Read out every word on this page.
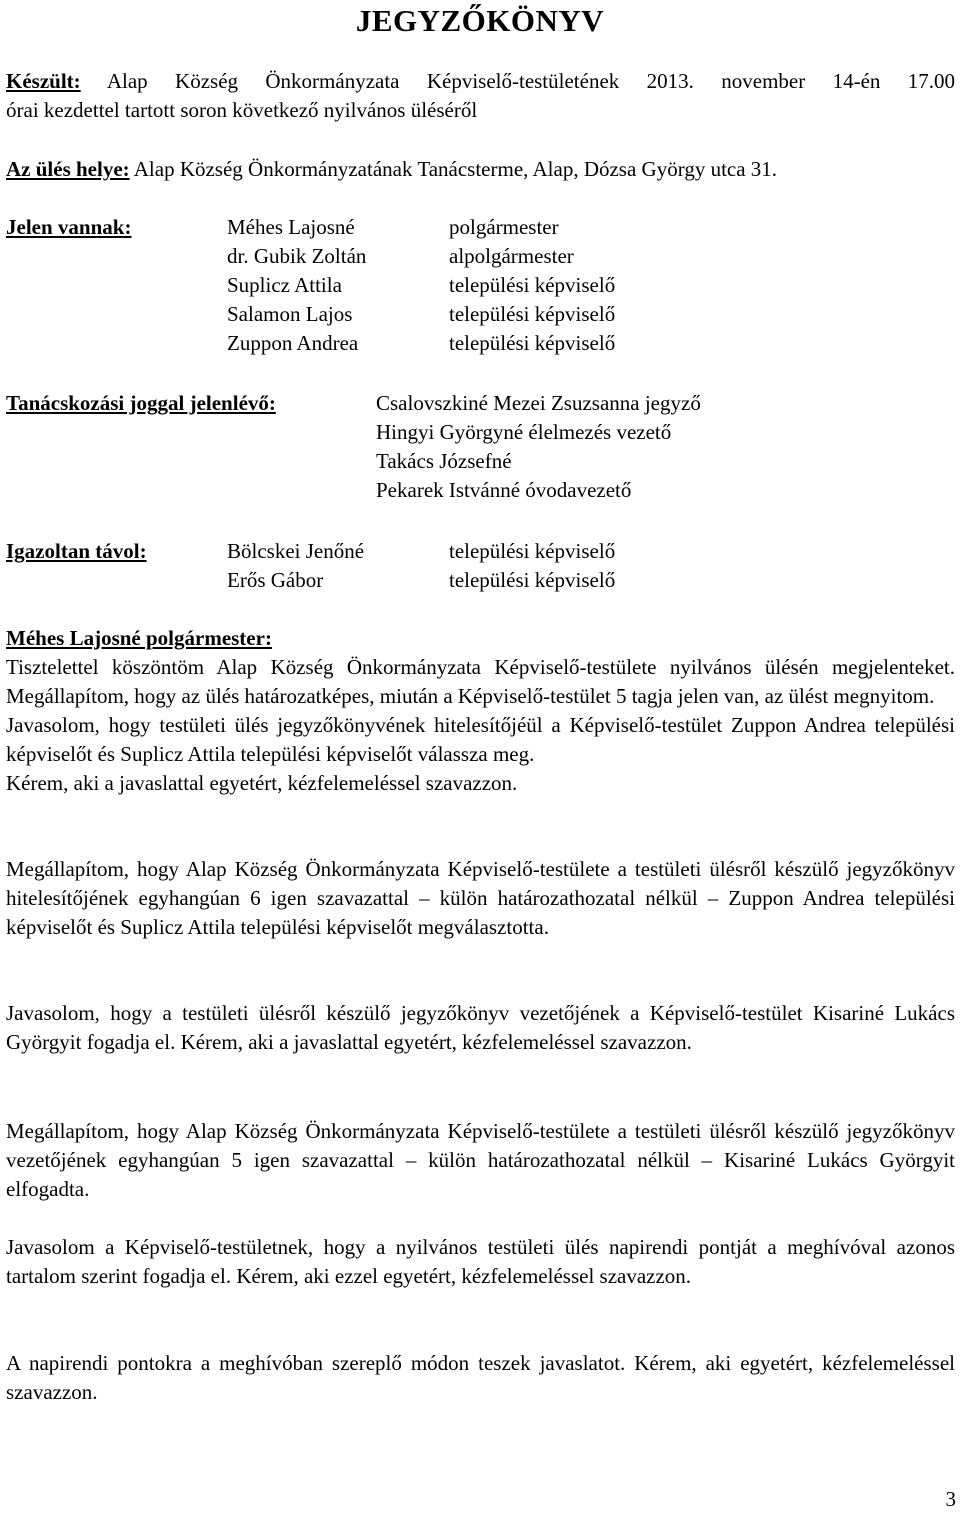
JEGYZŐKÖNYV
Készült: Alap Község Önkormányzata Képviselő-testületének 2013. november 14-én 17.00
órai kezdettel tartott soron következő nyilvános üléséről
Az ülés helye: Alap Község Önkormányzatának Tanácsterme, Alap, Dózsa György utca 31.
Jelen vannak:	Méhes Lajosné	polgármester
dr. Gubik Zoltán	alpolgármester
Suplicz Attila	települési képviselő
Salamon Lajos	települési képviselő
Zuppon Andrea	települési képviselő
Tanácskozási joggal jelenlévő:	Csalovszkiné Mezei Zsuzsanna jegyző
Hingyi Györgyné élelmezés vezető
Takács Józsefné
Pekarek Istvánné óvodavezető
Igazoltan távol:	Bölcskei Jenőné	települési képviselő
Erős Gábor	települési képviselő
Méhes Lajosné polgármester:

Tisztelettel köszöntöm Alap Község Önkormányzata Képviselő-testülete nyilvános ülésén megjelenteket. Megállapítom, hogy az ülés határozatképes, miután a Képviselő-testület 5 tagja jelen van, az ülést megnyitom.

Javasolom, hogy testületi ülés jegyzőkönyvének hitelesítőjéül a Képviselő-testület Zuppon Andrea települési képviselőt és Suplicz Attila települési képviselőt válassza meg.

Kérem, aki a javaslattal egyetért, kézfelemeléssel szavazzon.

Megállapítom, hogy Alap Község Önkormányzata Képviselő-testülete a testületi ülésről készülő jegyzőkönyv hitelesítőjének egyhangúan 6 igen szavazattal – külön határozathozatal nélkül – Zuppon Andrea települési képviselőt és Suplicz Attila települési képviselőt megválasztotta.
Javasolom, hogy a testületi ülésről készülő jegyzőkönyv vezetőjének a Képviselő-testület Kisariné Lukács Györgyit fogadja el. Kérem, aki a javaslattal egyetért, kézfelemeléssel szavazzon.
Megállapítom, hogy Alap Község Önkormányzata Képviselő-testülete a testületi ülésről készülő jegyzőkönyv vezetőjének egyhangúan 5 igen szavazattal – külön határozathozatal nélkül – Kisariné Lukács Györgyit elfogadta.
Javasolom a Képviselő-testületnek, hogy a nyilvános testületi ülés napirendi pontját a meghívóval azonos tartalom szerint fogadja el. Kérem, aki ezzel egyetért, kézfelemeléssel szavazzon.
A napirendi pontokra a meghívóban szereplő módon teszek javaslatot. Kérem, aki egyetért, kézfelemeléssel szavazzon.
3
